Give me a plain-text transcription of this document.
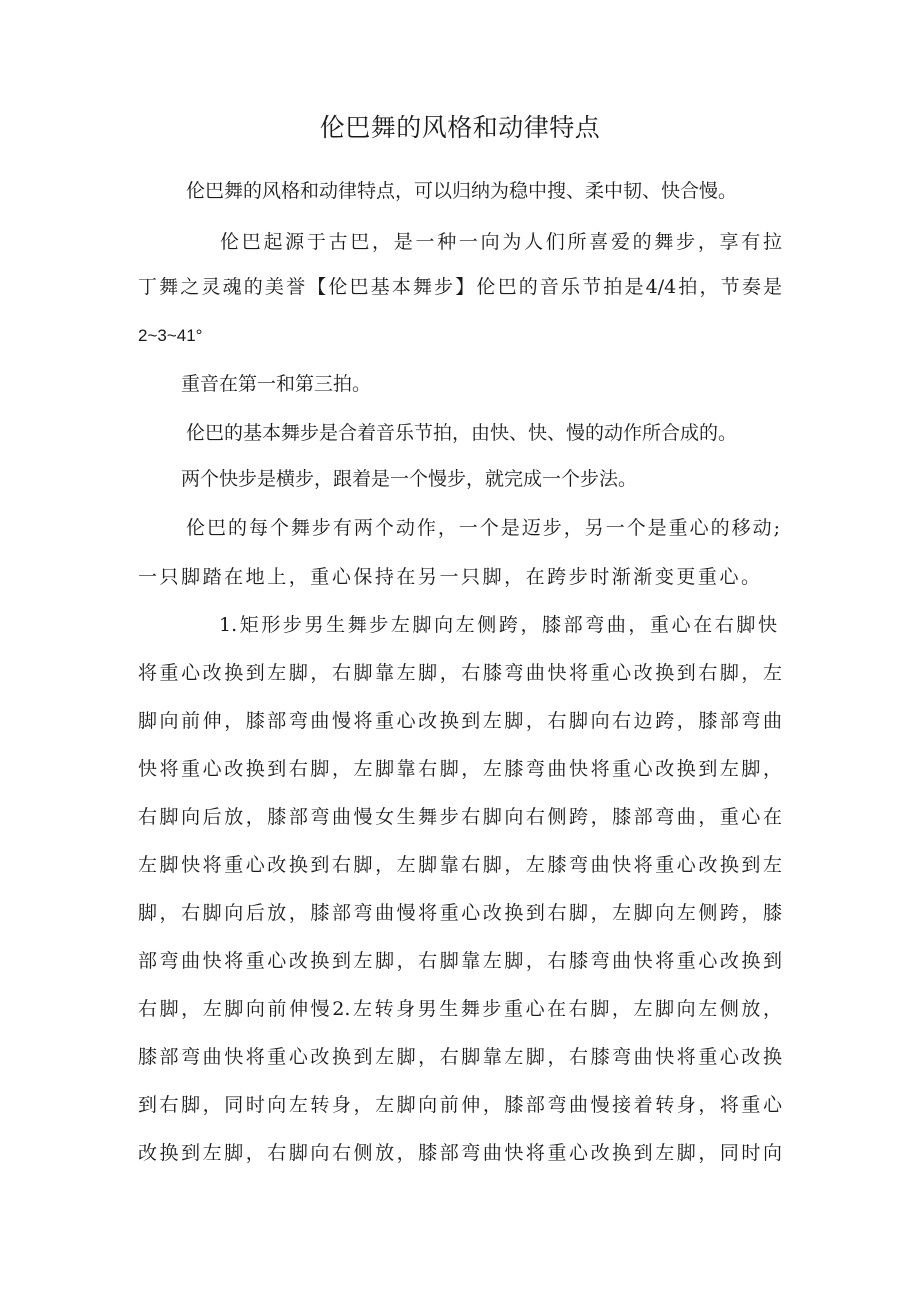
伦巴舞的风格和动律特点
伦巴舞的风格和动律特点，可以归纳为稳中搜、柔中韧、快合慢。
伦巴起源于古巴，是一种一向为人们所喜爱的舞步，享有拉
丁舞之灵魂的美誉【伦巴基本舞步】伦巴的音乐节拍是4/4拍，节奏是
2~3~41°
重音在第一和第三拍。
伦巴的基本舞步是合着音乐节拍，由快、快、慢的动作所合成的。
两个快步是横步，跟着是一个慢步，就完成一个步法。
伦巴的每个舞步有两个动作，一个是迈步，另一个是重心的移动;
一只脚踏在地上，重心保持在另一只脚，在跨步时渐渐变更重心。
1.矩形步男生舞步左脚向左侧跨，膝部弯曲，重心在右脚快
将重心改换到左脚，右脚靠左脚，右膝弯曲快将重心改换到右脚，左
脚向前伸，膝部弯曲慢将重心改换到左脚，右脚向右边跨，膝部弯曲
快将重心改换到右脚，左脚靠右脚，左膝弯曲快将重心改换到左脚，
右脚向后放，膝部弯曲慢女生舞步右脚向右侧跨，膝部弯曲，重心在
左脚快将重心改换到右脚，左脚靠右脚，左膝弯曲快将重心改换到左
脚，右脚向后放，膝部弯曲慢将重心改换到右脚，左脚向左侧跨，膝
部弯曲快将重心改换到左脚，右脚靠左脚，右膝弯曲快将重心改换到
右脚，左脚向前伸慢2.左转身男生舞步重心在右脚，左脚向左侧放，
膝部弯曲快将重心改换到左脚，右脚靠左脚，右膝弯曲快将重心改换
到右脚，同时向左转身，左脚向前伸，膝部弯曲慢接着转身，将重心
改换到左脚，右脚向右侧放，膝部弯曲快将重心改换到左脚，同时向
